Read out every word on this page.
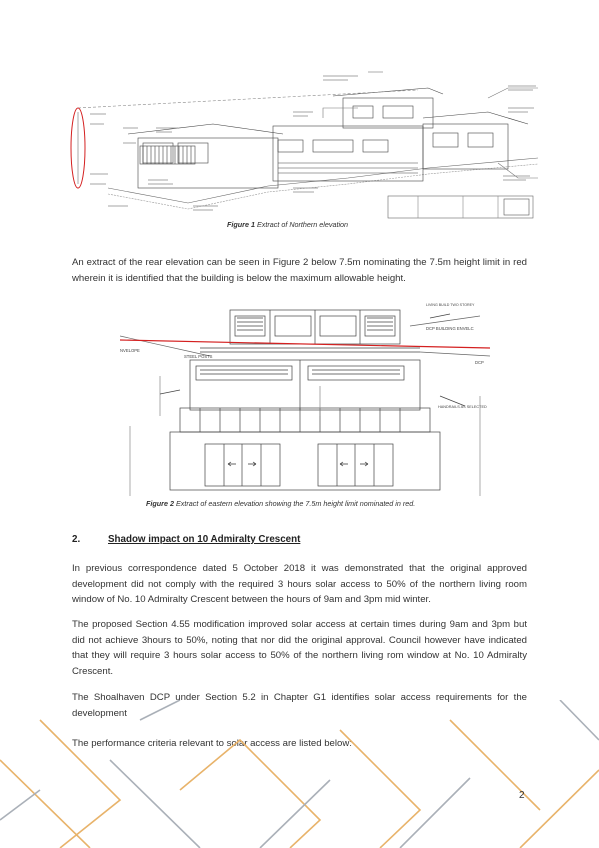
Figure 1 Extract of Northern elevation

An extract of the rear elevation can be seen in Figure 2 below 7.5m nominating the 7.5m height limit in red wherein it is identified that the building is below the maximum allowable height.

STEEL POSTS
NVELOPE
DCP BUILDING ENVELC
DCP
LIVING BUILD TWO STOREY
HANDRAILS AS SELECTED
Figure 2 Extract of eastern elevation showing the 7.5m height limit nominated in red.
2.	Shadow impact on 10 Admiralty Crescent

In previous correspondence dated 5 October 2018 it was demonstrated that the original approved development did not comply with the required 3 hours solar access to 50% of the northern living room window of No. 10 Admiralty Crescent between the hours of 9am and 3pm mid winter.

The proposed Section 4.55 modification improved solar access at certain times during 9am and 3pm but did not achieve 3hours to 50%, noting that nor did the original approval. Council however have indicated that they will require 3 hours solar access to 50% of the northern living rom window at No. 10 Admiralty Crescent.

The Shoalhaven DCP under Section 5.2 in Chapter G1 identifies solar access requirements for the development

The performance criteria relevant to solar access are listed below:

2
